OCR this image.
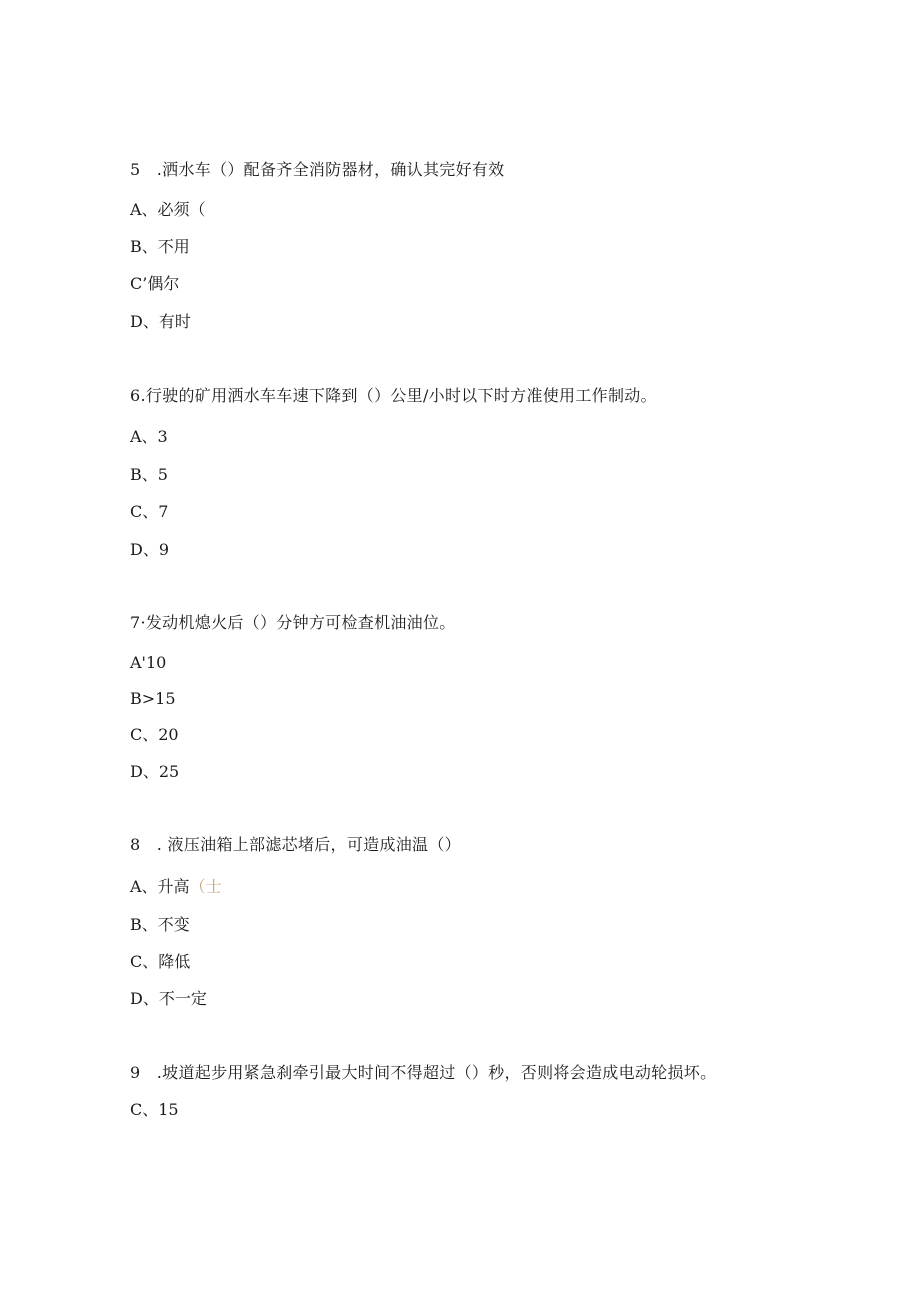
5　.洒水车（）配备齐全消防器材，确认其完好有效
A、必须（
B、不用
C’偶尔
D、有时
6.行驶的矿用洒水车车速下降到（）公里/小时以下时方准使用工作制动。
A、3
B、5
C、7
D、9
7·发动机熄火后（）分钟方可检查机油油位。
A'10
B>15
C、20
D、25
8　. 液压油箱上部滤芯堵后，可造成油温（）
A、升高（士
B、不变
C、降低
D、不一定
9　.坡道起步用紧急刹牵引最大时间不得超过（）秒，否则将会造成电动轮损坏。
C、15
